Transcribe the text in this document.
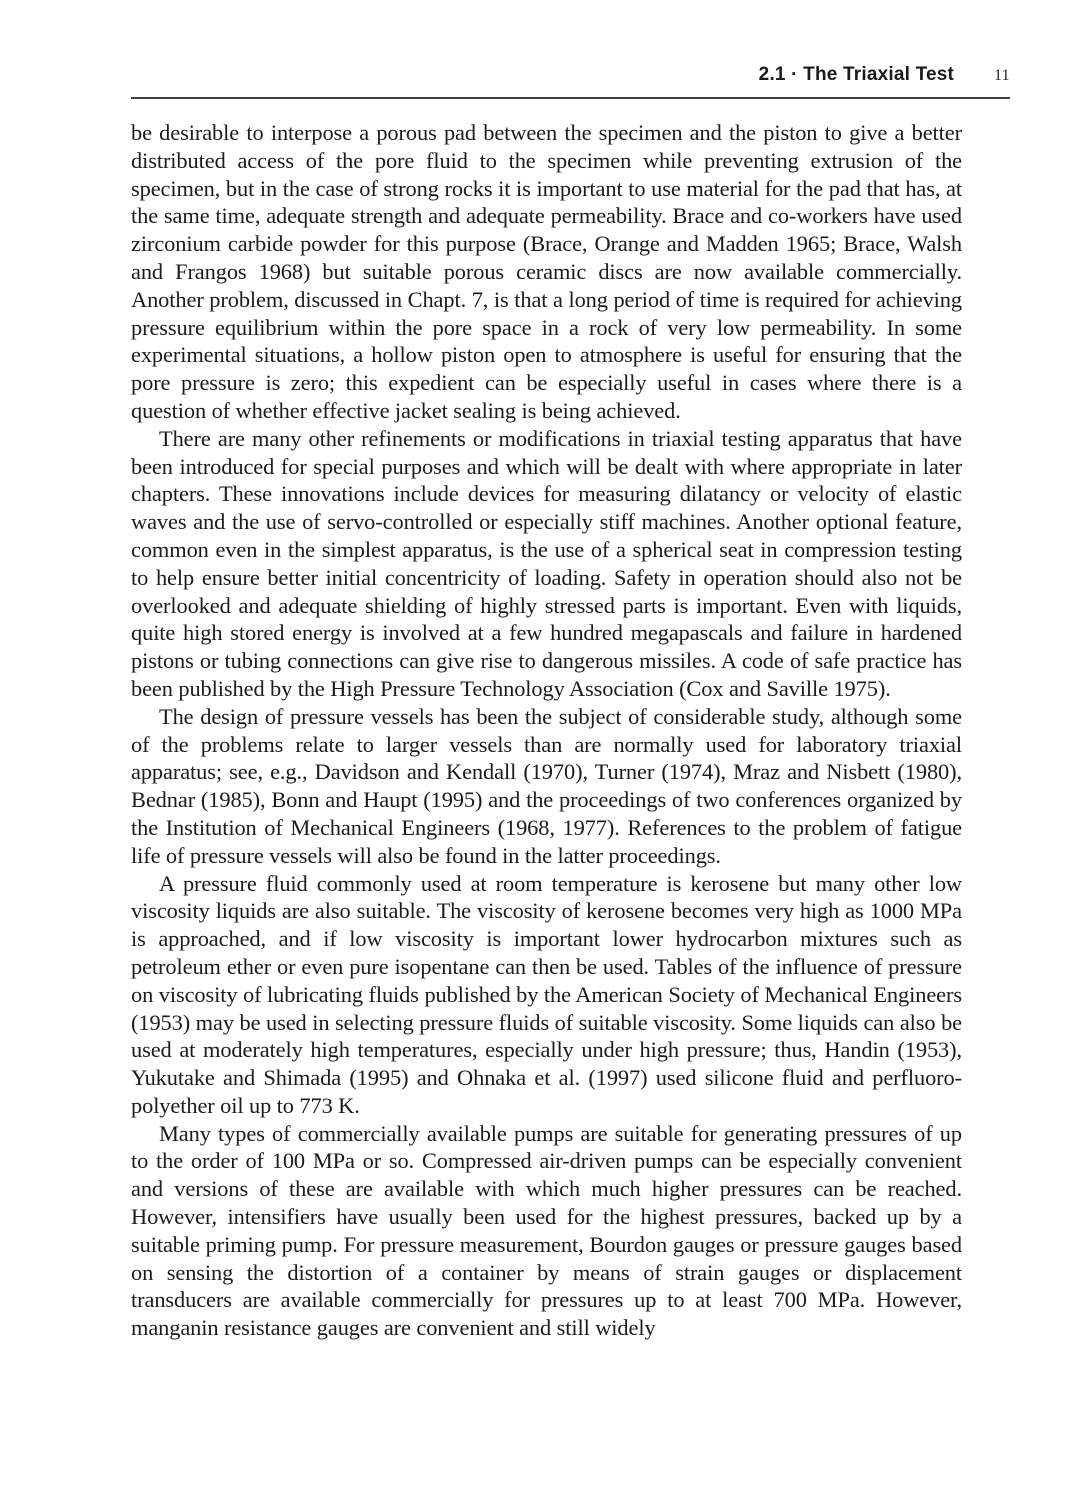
2.1 · The Triaxial Test	11

be desirable to interpose a porous pad between the specimen and the piston to give a better distributed access of the pore fluid to the specimen while preventing extrusion of the specimen, but in the case of strong rocks it is important to use material for the pad that has, at the same time, adequate strength and adequate permeability. Brace and co-workers have used zirconium carbide powder for this purpose (Brace, Orange and Madden 1965; Brace, Walsh and Frangos 1968) but suitable porous ceramic discs are now available commercially. Another problem, discussed in Chapt. 7, is that a long period of time is required for achieving pressure equilibrium within the pore space in a rock of very low permeability. In some experimental situations, a hollow piston open to atmosphere is useful for ensuring that the pore pressure is zero; this expedient can be especially useful in cases where there is a question of whether effective jacket sealing is being achieved.

There are many other refinements or modifications in triaxial testing apparatus that have been introduced for special purposes and which will be dealt with where appropriate in later chapters. These innovations include devices for measuring dilatancy or velocity of elastic waves and the use of servo-controlled or especially stiff machines. Another optional feature, common even in the simplest apparatus, is the use of a spherical seat in compression testing to help ensure better initial concentricity of loading. Safety in operation should also not be overlooked and adequate shielding of highly stressed parts is important. Even with liquids, quite high stored energy is involved at a few hundred megapascals and failure in hardened pistons or tubing connections can give rise to dangerous missiles. A code of safe practice has been published by the High Pressure Technology Association (Cox and Saville 1975).

The design of pressure vessels has been the subject of considerable study, although some of the problems relate to larger vessels than are normally used for laboratory triaxial apparatus; see, e.g., Davidson and Kendall (1970), Turner (1974), Mraz and Nisbett (1980), Bednar (1985), Bonn and Haupt (1995) and the proceedings of two conferences organized by the Institution of Mechanical Engineers (1968, 1977). References to the problem of fatigue life of pressure vessels will also be found in the latter proceedings.

A pressure fluid commonly used at room temperature is kerosene but many other low viscosity liquids are also suitable. The viscosity of kerosene becomes very high as 1000 MPa is approached, and if low viscosity is important lower hydrocarbon mixtures such as petroleum ether or even pure isopentane can then be used. Tables of the influence of pressure on viscosity of lubricating fluids published by the American Society of Mechanical Engineers (1953) may be used in selecting pressure fluids of suitable viscosity. Some liquids can also be used at moderately high temperatures, especially under high pressure; thus, Handin (1953), Yukutake and Shimada (1995) and Ohnaka et al. (1997) used silicone fluid and perfluoro-polyether oil up to 773 K.

Many types of commercially available pumps are suitable for generating pressures of up to the order of 100 MPa or so. Compressed air-driven pumps can be especially convenient and versions of these are available with which much higher pressures can be reached. However, intensifiers have usually been used for the highest pressures, backed up by a suitable priming pump. For pressure measurement, Bourdon gauges or pressure gauges based on sensing the distortion of a container by means of strain gauges or displacement transducers are available commercially for pressures up to at least 700 MPa. However, manganin resistance gauges are convenient and still widely
